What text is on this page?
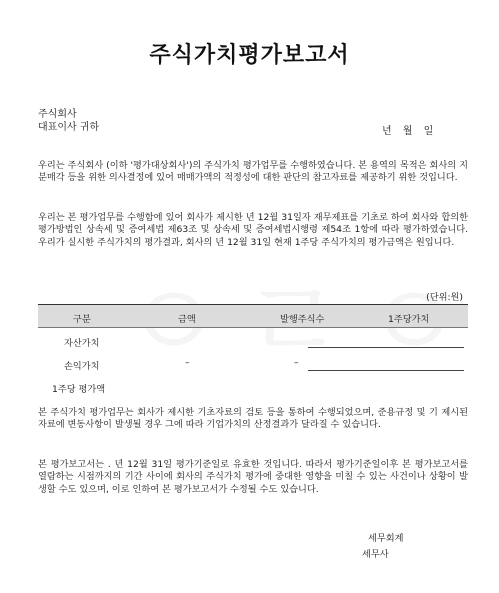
주식가치평가보고서
주식회사
대표이사 귀하	년 월 일

우리는 주식회사 (이하 '평가대상회사')의 주식가치 평가업무를 수행하였습니다. 본 용역의 목적은 회사의 지분매각 등을 위한 의사결정에 있어 매매가액의 적정성에 대한 판단의 참고자료를 제공하기 위한 것입니다.

우리는 본 평가업무를 수행함에 있어 회사가 제시한 년 12월 31일자 재무제표를 기초로 하여 회사와 합의한 평가방법인 상속세 및 증여세법 제63조 및 상속세 및 증여세법시행령 제54조 1항에 따라 평가하였습니다. 우리가 실시한 주식가치의 평가결과, 회사의 년 12월 31일 현재 1주당 주식가치의 평가금액은 원입니다.

(단위:원)
구분	금액	발행주식수	1주당가치
자산가치
손익가치	–	–
1주당 평가액

본 주식가치 평가업무는 회사가 제시한 기초자료의 검토 등을 통하여 수행되었으며, 준용규정 및 기 제시된 자료에 변동사항이 발생될 경우 그에 따라 기업가치의 산정결과가 달라질 수 있습니다.

본 평가보고서는 . 년 12월 31일 평가기준일로 유효한 것입니다. 따라서 평가기준일이후 본 평가보고서를 열람하는 시점까지의 기간 사이에 회사의 주식가치 평가에 중대한 영향을 미칠 수 있는 사건이나 상황이 발생할 수도 있으며, 이로 인하여 본 평가보고서가 수정될 수도 있습니다.

세무회계
세무사
